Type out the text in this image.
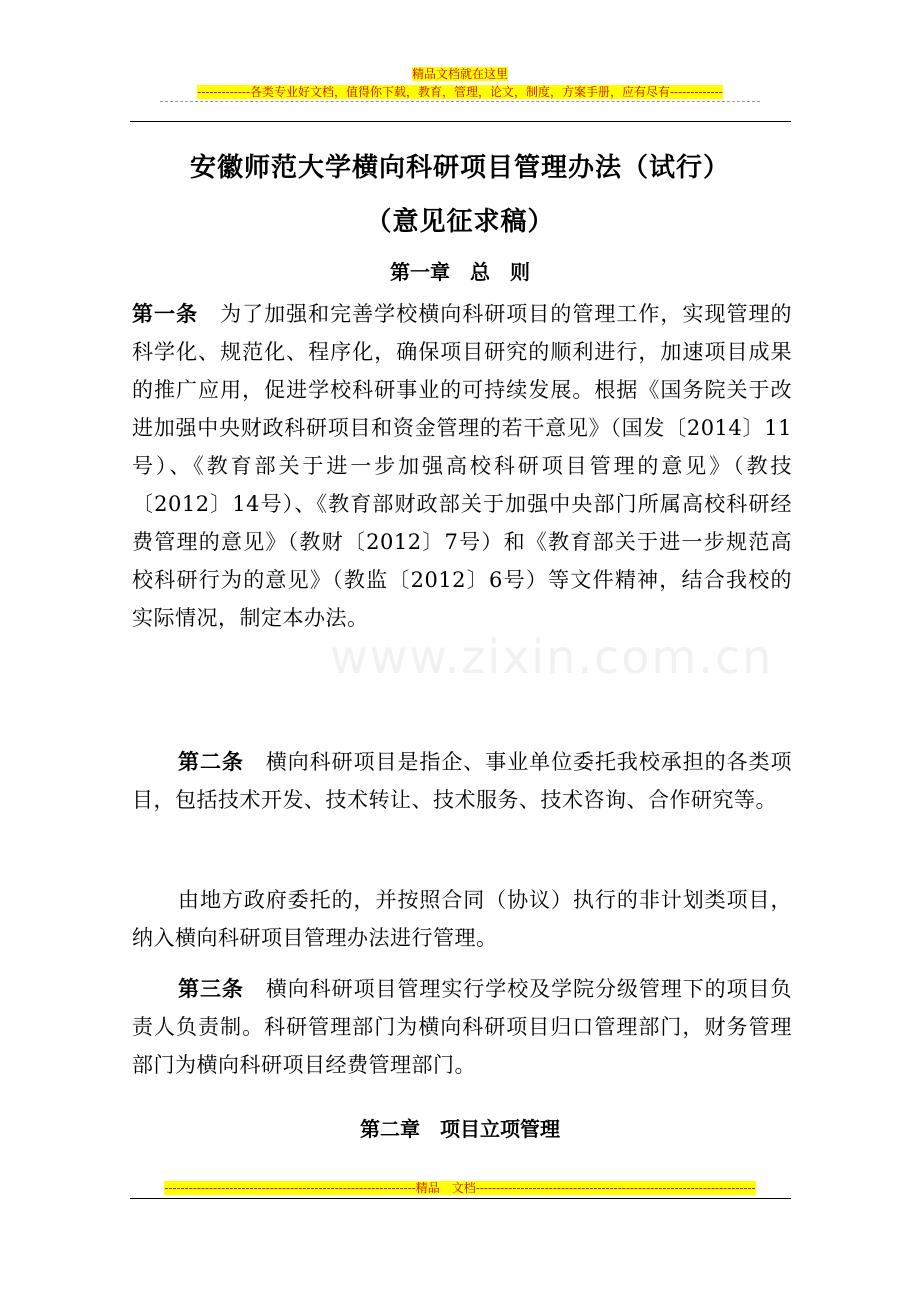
精品文档就在这里
-------------各类专业好文档，值得你下载，教育，管理，论文，制度，方案手册，应有尽有-------------
www.zixin.com.cn
安徽师范大学横向科研项目管理办法（试行）
（意见征求稿）
第一章　总　则
第一条 为了加强和完善学校横向科研项目的管理工作，实现管理的科学化、规范化、程序化，确保项目研究的顺利进行，加速项目成果的推广应用，促进学校科研事业的可持续发展。根据《国务院关于改进加强中央财政科研项目和资金管理的若干意见》（国发〔2014〕11号）、《教育部关于进一步加强高校科研项目管理的意见》（教技〔2012〕14号）、《教育部财政部关于加强中央部门所属高校科研经费管理的意见》（教财〔2012〕7号）和《教育部关于进一步规范高校科研行为的意见》（教监〔2012〕6号）等文件精神，结合我校的实际情况，制定本办法。
第二条 横向科研项目是指企、事业单位委托我校承担的各类项目，包括技术开发、技术转让、技术服务、技术咨询、合作研究等。
由地方政府委托的，并按照合同（协议）执行的非计划类项目，纳入横向科研项目管理办法进行管理。
第三条 横向科研项目管理实行学校及学院分级管理下的项目负责人负责制。科研管理部门为横向科研项目归口管理部门，财务管理部门为横向科研项目经费管理部门。
第二章　项目立项管理
--------------------------------------------------------------精品　文档---------------------------------------------------------------------
